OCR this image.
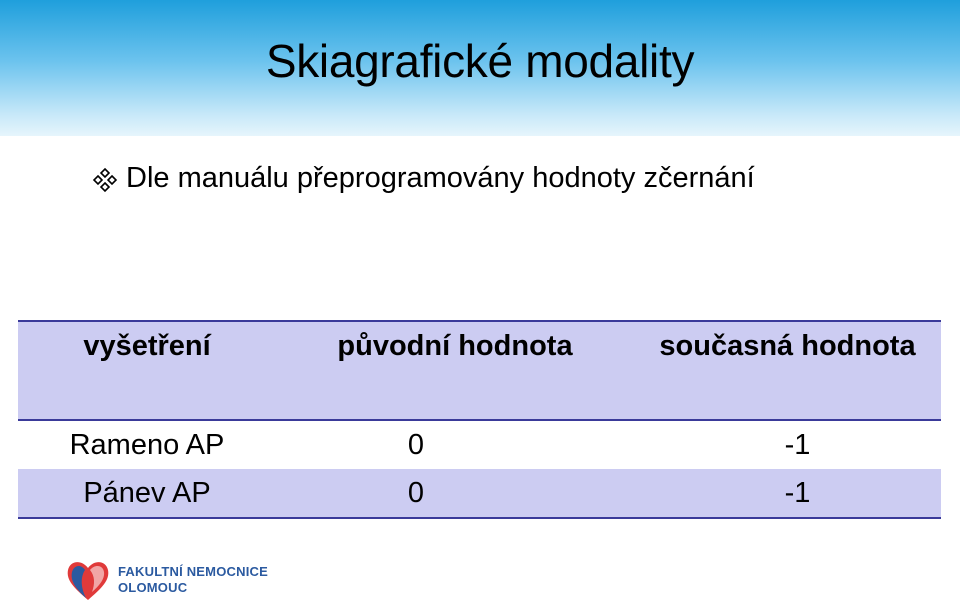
Skiagrafické modality
Dle manuálu přeprogramovány hodnoty zčernání
vyšetření	původní hodnota	současná hodnota
Rameno AP	0	-1
Pánev AP	0	-1
FAKULTNÍ NEMOCNICE
OLOMOUC
